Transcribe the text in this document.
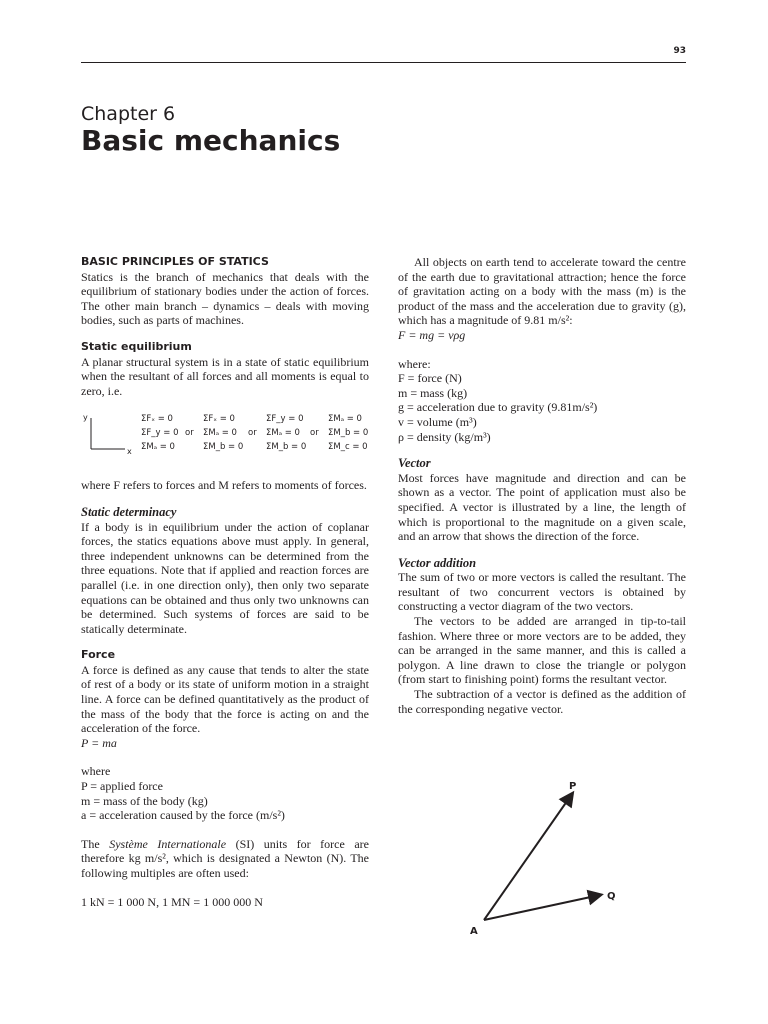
93
Chapter 6
Basic mechanics
BASIC PRINCIPLES OF STATICS

Statics is the branch of mechanics that deals with the equilibrium of stationary bodies under the action of forces. The other main branch – dynamics – deals with moving bodies, such as parts of machines.

Static equilibrium

A planar structural system is in a state of static equilibrium when the resultant of all forces and all moments is equal to zero, i.e.

y
x
ΣFₓ = 0
ΣF_y = 0
ΣMₐ = 0
or
ΣFₓ = 0
ΣMₐ = 0
ΣM_b = 0
or
ΣF_y = 0
ΣMₐ = 0
ΣM_b = 0
or
ΣMₐ = 0
ΣM_b = 0
ΣM_c = 0

where F refers to forces and M refers to moments of forces.

Static determinacy

If a body is in equilibrium under the action of coplanar forces, the statics equations above must apply. In general, three independent unknowns can be determined from the three equations. Note that if applied and reaction forces are parallel (i.e. in one direction only), then only two separate equations can be obtained and thus only two unknowns can be determined. Such systems of forces are said to be statically determinate.

Force

A force is defined as any cause that tends to alter the state of rest of a body or its state of uniform motion in a straight line. A force can be defined quantitatively as the product of the mass of the body that the force is acting on and the acceleration of the force.

P = ma

where
P = applied force
m = mass of the body (kg)
a = acceleration caused by the force (m/s²)

The Système Internationale (SI) units for force are therefore kg m/s², which is designated a Newton (N). The following multiples are often used:

1 kN = 1 000 N, 1 MN = 1 000 000 N

All objects on earth tend to accelerate toward the centre of the earth due to gravitational attraction; hence the force of gravitation acting on a body with the mass (m) is the product of the mass and the acceleration due to gravity (g), which has a magnitude of 9.81 m/s²:

F = mg = vρg

where:
F = force (N)
m = mass (kg)
g = acceleration due to gravity (9.81m/s²)
v = volume (m³)
ρ = density (kg/m³)
Vector

Most forces have magnitude and direction and can be shown as a vector. The point of application must also be specified. A vector is illustrated by a line, the length of which is proportional to the magnitude on a given scale, and an arrow that shows the direction of the force.

Vector addition

The sum of two or more vectors is called the resultant. The resultant of two concurrent vectors is obtained by constructing a vector diagram of the two vectors.

The vectors to be added are arranged in tip-to-tail fashion. Where three or more vectors are to be added, they can be arranged in the same manner, and this is called a polygon. A line drawn to close the triangle or polygon (from start to finishing point) forms the resultant vector.

The subtraction of a vector is defined as the addition of the corresponding negative vector.

P
Q
A
